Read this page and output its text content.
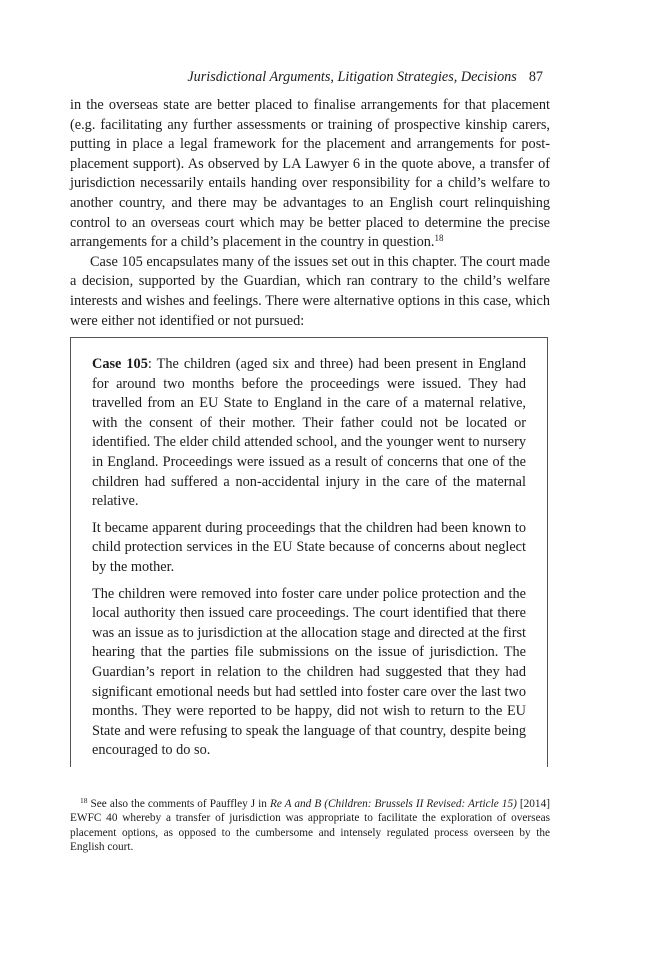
Jurisdictional Arguments, Litigation Strategies, Decisions 87

in the overseas state are better placed to finalise arrangements for that placement (e.g. facilitating any further assessments or training of prospective kinship carers, putting in place a legal framework for the placement and arrangements for post-placement support). As observed by LA Lawyer 6 in the quote above, a transfer of jurisdiction necessarily entails handing over responsibility for a child’s welfare to another country, and there may be advantages to an English court relinquishing control to an overseas court which may be better placed to determine the precise arrangements for a child’s placement in the country in question.$^{18}$

Case 105 encapsulates many of the issues set out in this chapter. The court made a decision, supported by the Guardian, which ran contrary to the child’s welfare interests and wishes and feelings. There were alternative options in this case, which were either not identified or not pursued:

Case 105: The children (aged six and three) had been present in England for around two months before the proceedings were issued. They had travelled from an EU State to England in the care of a maternal relative, with the consent of their mother. Their father could not be located or identified. The elder child attended school, and the younger went to nursery in England. Proceedings were issued as a result of concerns that one of the children had suffered a non-accidental injury in the care of the maternal relative.

It became apparent during proceedings that the children had been known to child protection services in the EU State because of concerns about neglect by the mother.

The children were removed into foster care under police protection and the local authority then issued care proceedings. The court identified that there was an issue as to jurisdiction at the allocation stage and directed at the first hearing that the parties file submissions on the issue of jurisdiction. The Guardian’s report in relation to the children had suggested that they had significant emotional needs but had settled into foster care over the last two months. They were reported to be happy, did not wish to return to the EU State and were refusing to speak the language of that country, despite being encouraged to do so.

$^{18}$ See also the comments of Pauffley J in Re A and B (Children: Brussels II Revised: Article 15) [2014] EWFC 40 whereby a transfer of jurisdiction was appropriate to facilitate the exploration of overseas placement options, as opposed to the cumbersome and intensely regulated process overseen by the English court.
